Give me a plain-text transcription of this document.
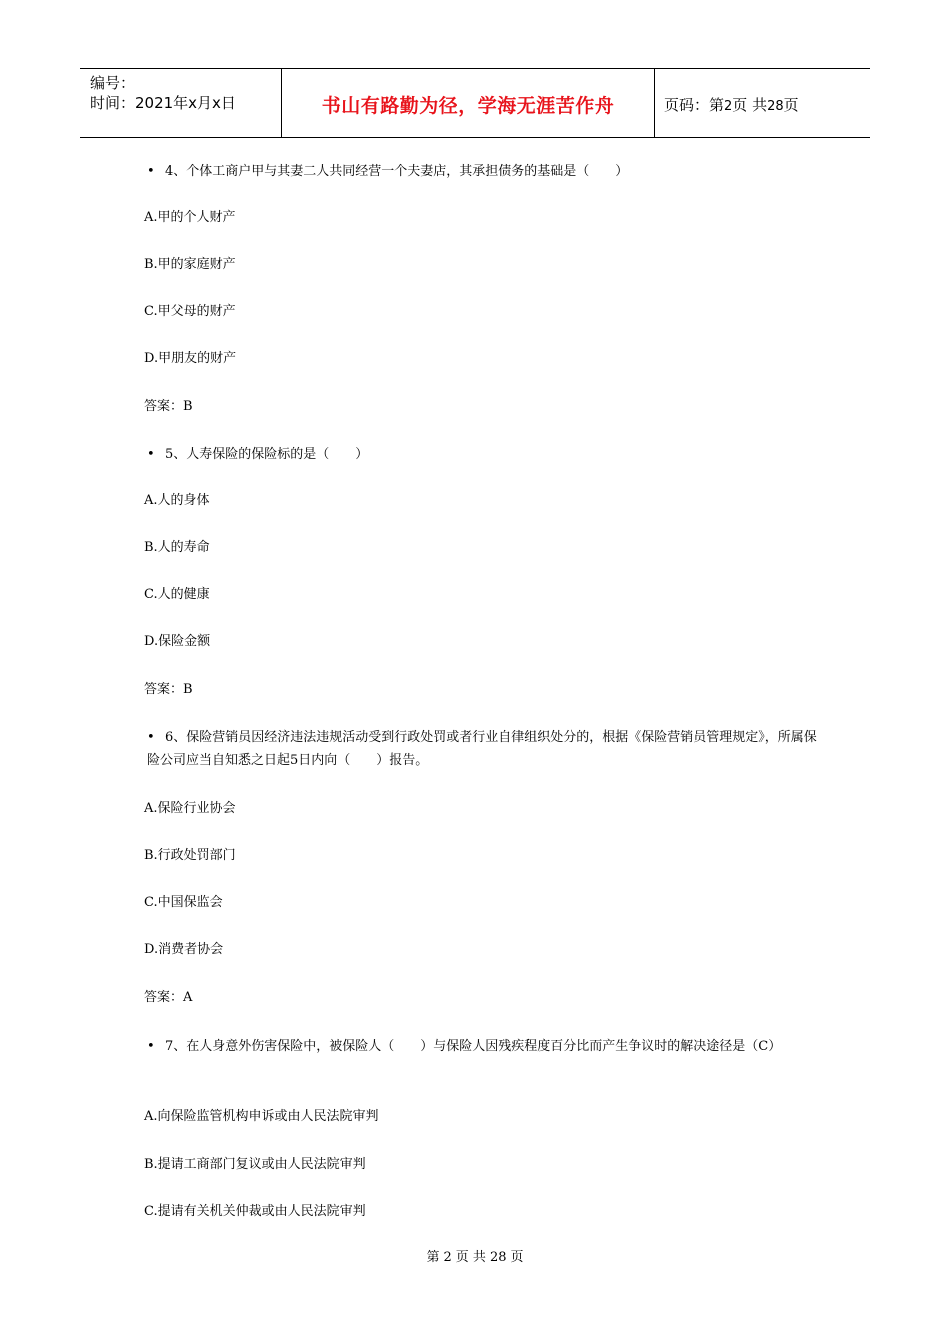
编号：
时间：2021年x月x日	书山有路勤为径，学海无涯苦作舟	页码：第2页 共28页
• 4、个体工商户甲与其妻二人共同经营一个夫妻店，其承担债务的基础是（　　）
A.甲的个人财产
B.甲的家庭财产
C.甲父母的财产
D.甲朋友的财产
答案：B
• 5、人寿保险的保险标的是（　　）
A.人的身体
B.人的寿命
C.人的健康
D.保险金额
答案：B
• 6、保险营销员因经济违法违规活动受到行政处罚或者行业自律组织处分的，根据《保险营销员管理规定》，所属保险公司应当自知悉之日起5日内向（　　）报告。
A.保险行业协会
B.行政处罚部门
C.中国保监会
D.消费者协会
答案：A
• 7、在人身意外伤害保险中，被保险人（　　）与保险人因残疾程度百分比而产生争议时的解决途径是（C）
A.向保险监管机构申诉或由人民法院审判
B.提请工商部门复议或由人民法院审判
C.提请有关机关仲裁或由人民法院审判
第 2 页 共 28 页
